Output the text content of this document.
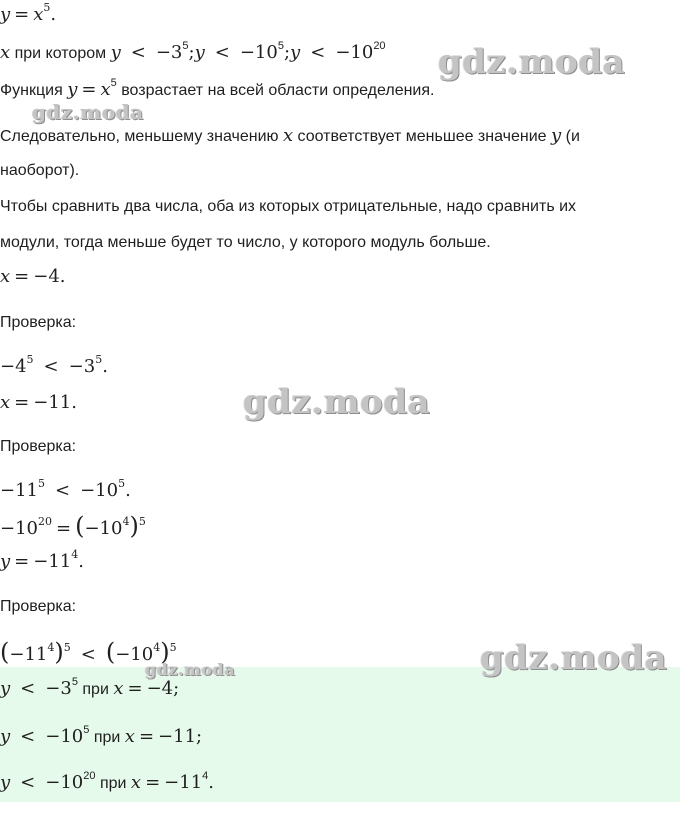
$y = x^5$.
x при котором $y < -3^5;y$ < $-10^5;y < -10^{20}$
Функция $y = x^5$ возрастает на всей области определения.
Следовательно, меньшему значению x соответствует меньшее значение y (и
наоборот).
Чтобы сравнить два числа, оба из которых отрицательные, надо сравнить их
модули, тогда меньше будет то число, у которого модуль больше.
x = −4.
Проверка:
$-4^5 < -3^5$.
x = −11.
Проверка:
$-11^5 < -10^5$.
$-10^{20} = (-10^4)^5$
$y = -11^4$.
Проверка:
$(-11^4)^5 < (-10^4)^5$
$y < -3^5$ при x = −4;
$y < -10^5$ при x = −11;
$y < -10^{20}$ при $x = -11^4$.
gdz.moda
gdz.moda
gdz.moda
gdz.moda
gdz.moda
